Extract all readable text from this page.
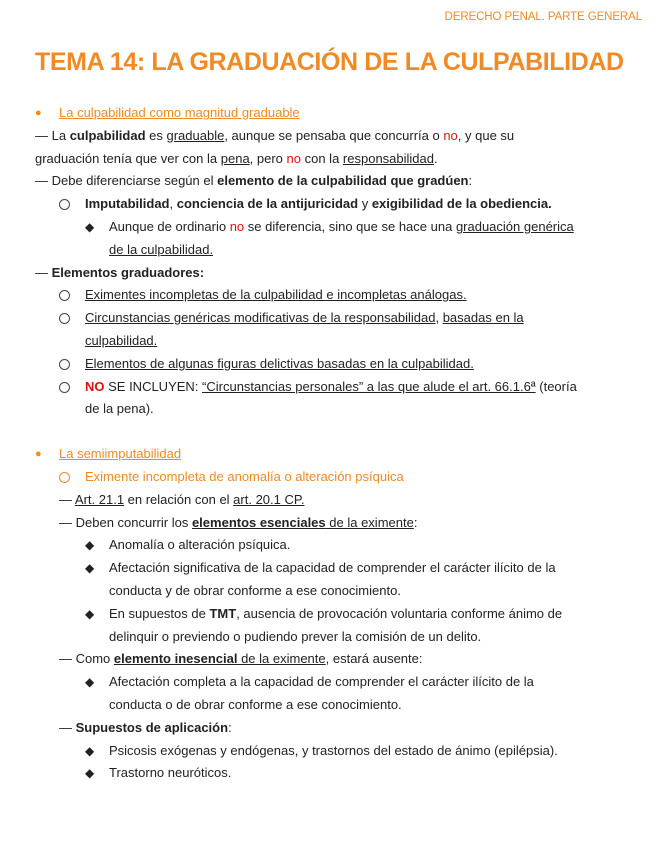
DERECHO PENAL. PARTE GENERAL
TEMA 14: LA GRADUACIÓN DE LA CULPABILIDAD
● La culpabilidad como magnitud graduable
— La culpabilidad es graduable, aunque se pensaba que concurría o no, y que su
graduación tenía que ver con la pena, pero no con la responsabilidad.
— Debe diferenciarse según el elemento de la culpabilidad que gradúen:
Imputabilidad, conciencia de la antijuricidad y exigibilidad de la obediencia.
◆ Aunque de ordinario no se diferencia, sino que se hace una graduación genérica
de la culpabilidad.
— Elementos graduadores:
Eximentes incompletas de la culpabilidad e incompletas análogas.
Circunstancias genéricas modificativas de la responsabilidad, basadas en la
culpabilidad.
Elementos de algunas figuras delictivas basadas en la culpabilidad.
NO SE INCLUYEN: “Circunstancias personales” a las que alude el art. 66.1.6ª (teoría
de la pena).
● La semiimputabilidad
Eximente incompleta de anomalía o alteración psíquica
— Art. 21.1 en relación con el art. 20.1 CP.
— Deben concurrir los elementos esenciales de la eximente:
◆ Anomalía o alteración psíquica.
◆ Afectación significativa de la capacidad de comprender el carácter ilícito de la
conducta y de obrar conforme a ese conocimiento.
◆ En supuestos de TMT, ausencia de provocación voluntaria conforme ánimo de
delinquir o previendo o pudiendo prever la comisión de un delito.
— Como elemento inesencial de la eximente, estará ausente:
◆ Afectación completa a la capacidad de comprender el carácter ilícito de la
conducta o de obrar conforme a ese conocimiento.
— Supuestos de aplicación:
◆ Psicosis exógenas y endógenas, y trastornos del estado de ánimo (epilépsia).
◆ Trastorno neuróticos.
